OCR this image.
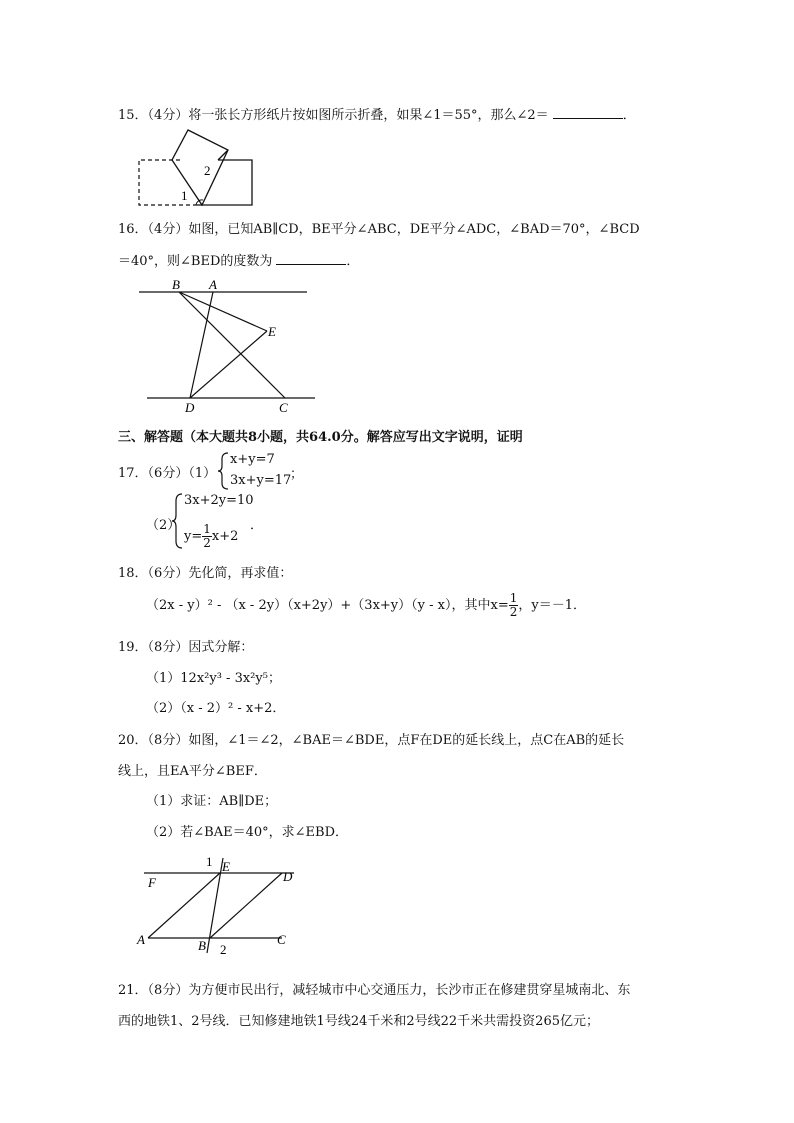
15．（4分）将一张长方形纸片按如图所示折叠，如果∠1＝55°，那么∠2＝	．
2
1
16．（4分）如图，已知AB∥CD，BE平分∠ABC，DE平分∠ADC，∠BAD＝70°，∠BCD
＝40°，则∠BED的度数为	．
B A
E
D	C
三、解答题（本大题共8小题，共64.0分。解答应写出文字说明，证明
17．（6分）（1）
x+y=7
3x+y=17
；
（2）
3x+2y=10
$y= \frac{1}{2} x+2$
．
18．（6分）先化简，再求值：
（2x - y）² - （x - 2y）（x+2y）+（3x+y）（y - x），其中$x= \frac{1}{2}$ ，y＝－1．
19．（8分）因式分解：
（1）12x²y³ - 3x²y⁵；
（2）（x - 2）² - x+2．
20．（8分）如图，∠1＝∠2，∠BAE＝∠BDE，点F在DE的延长线上，点C在AB的延长
线上，且EA平分∠BEF．
（1）求证：AB∥DE；
（2）若∠BAE＝40°，求∠EBD．
1 E
D
F
A	B 2
C
21．（8分）为方便市民出行，减轻城市中心交通压力，长沙市正在修建贯穿星城南北、东
西的地铁1、2号线．已知修建地铁1号线24千米和2号线22千米共需投资265亿元；
